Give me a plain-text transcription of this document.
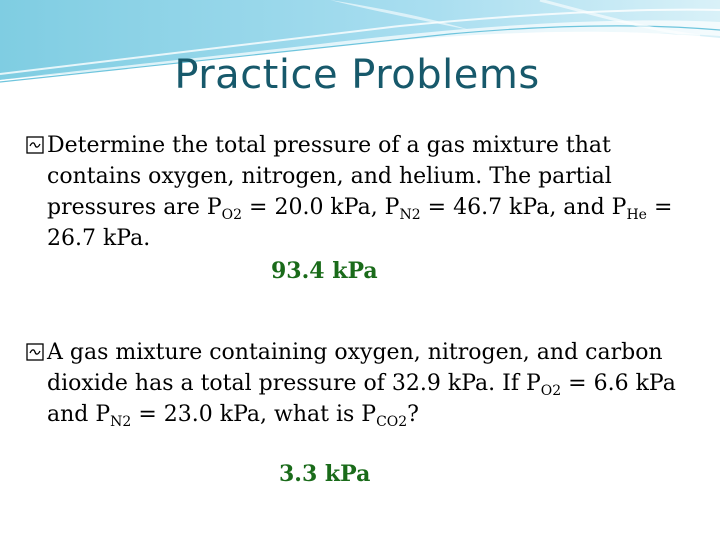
Practice Problems
Determine the total pressure of a gas mixture that
contains oxygen, nitrogen, and helium. The partial
pressures are $P_{O2} = 20.0$ kPa, $P_{N2} = 46.7$ kPa, and $P_{He}$ =
26.7 kPa.
93.4 kPa
A gas mixture containing oxygen, nitrogen, and carbon
dioxide has a total pressure of 32.9 kPa. If $P_{O2} = 6.6$ kPa
and $P_{N2} = 23.0$ kPa, what is $P_{CO2}$?
3.3 kPa
